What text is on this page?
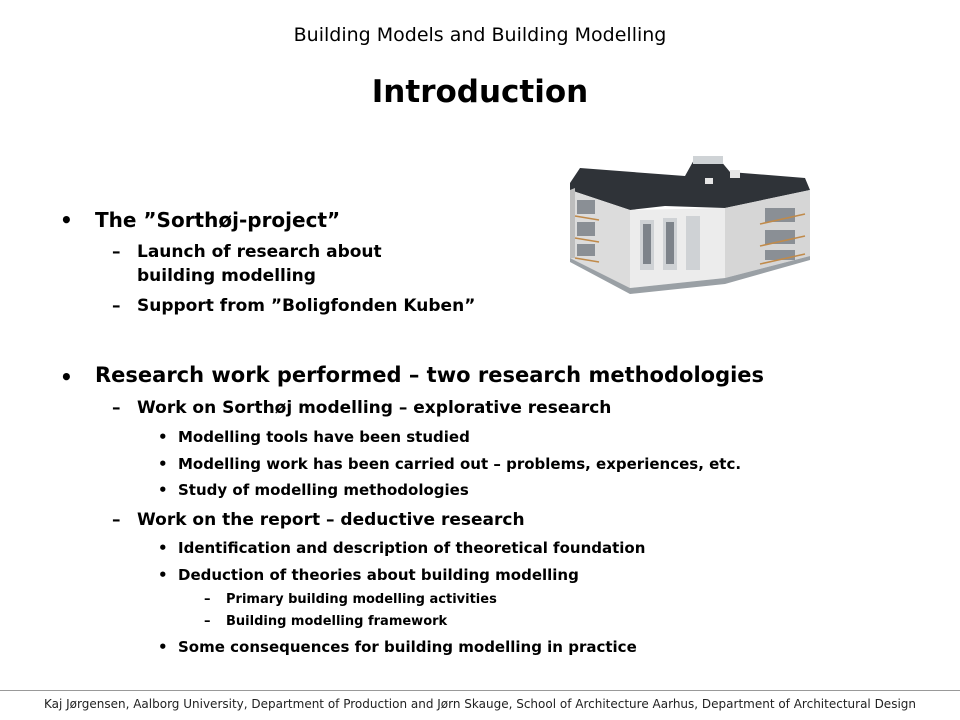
Building Models and Building Modelling
Introduction
• The ”Sorthøj-project”
– Launch of research about
building modelling
– Support from ”Boligfonden Kuben”
• Research work performed – two research methodologies
– Work on Sorthøj modelling – explorative research
• Modelling tools have been studied
• Modelling work has been carried out – problems, experiences, etc.
• Study of modelling methodologies
– Work on the report – deductive research
• Identification and description of theoretical foundation
• Deduction of theories about building modelling
– Primary building modelling activities
– Building modelling framework
• Some consequences for building modelling in practice
Kaj Jørgensen, Aalborg University, Department of Production and Jørn Skauge, School of Architecture Aarhus, Department of Architectural Design
